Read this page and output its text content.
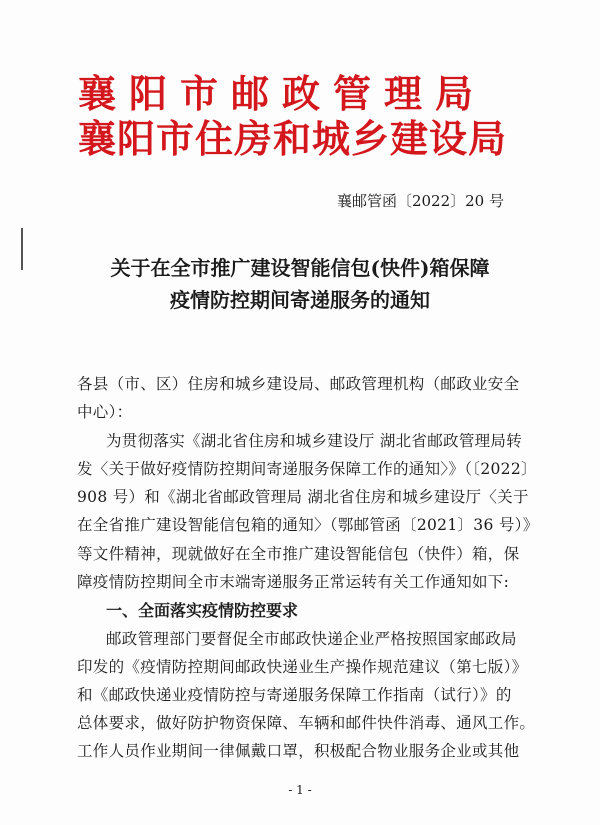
襄阳市邮政管理局
襄阳市住房和城乡建设局
襄邮管函〔2022〕20 号
关于在全市推广建设智能信包(快件)箱保障
疫情防控期间寄递服务的通知
各县（市、区）住房和城乡建设局、邮政管理机构（邮政业安全
中心）：
为贯彻落实《湖北省住房和城乡建设厅 湖北省邮政管理局转
发〈关于做好疫情防控期间寄递服务保障工作的通知〉》（〔2022〕
908 号）和《湖北省邮政管理局 湖北省住房和城乡建设厅〈关于
在全省推广建设智能信包箱的通知〉（鄂邮管函〔2021〕36 号）》
等文件精神，现就做好在全市推广建设智能信包（快件）箱，保
障疫情防控期间全市末端寄递服务正常运转有关工作通知如下:
一、全面落实疫情防控要求
邮政管理部门要督促全市邮政快递企业严格按照国家邮政局
印发的《疫情防控期间邮政快递业生产操作规范建议（第七版）》
和《邮政快递业疫情防控与寄递服务保障工作指南（试行）》的
总体要求，做好防护物资保障、车辆和邮件快件消毒、通风工作。
工作人员作业期间一律佩戴口罩，积极配合物业服务企业或其他
- 1 -
